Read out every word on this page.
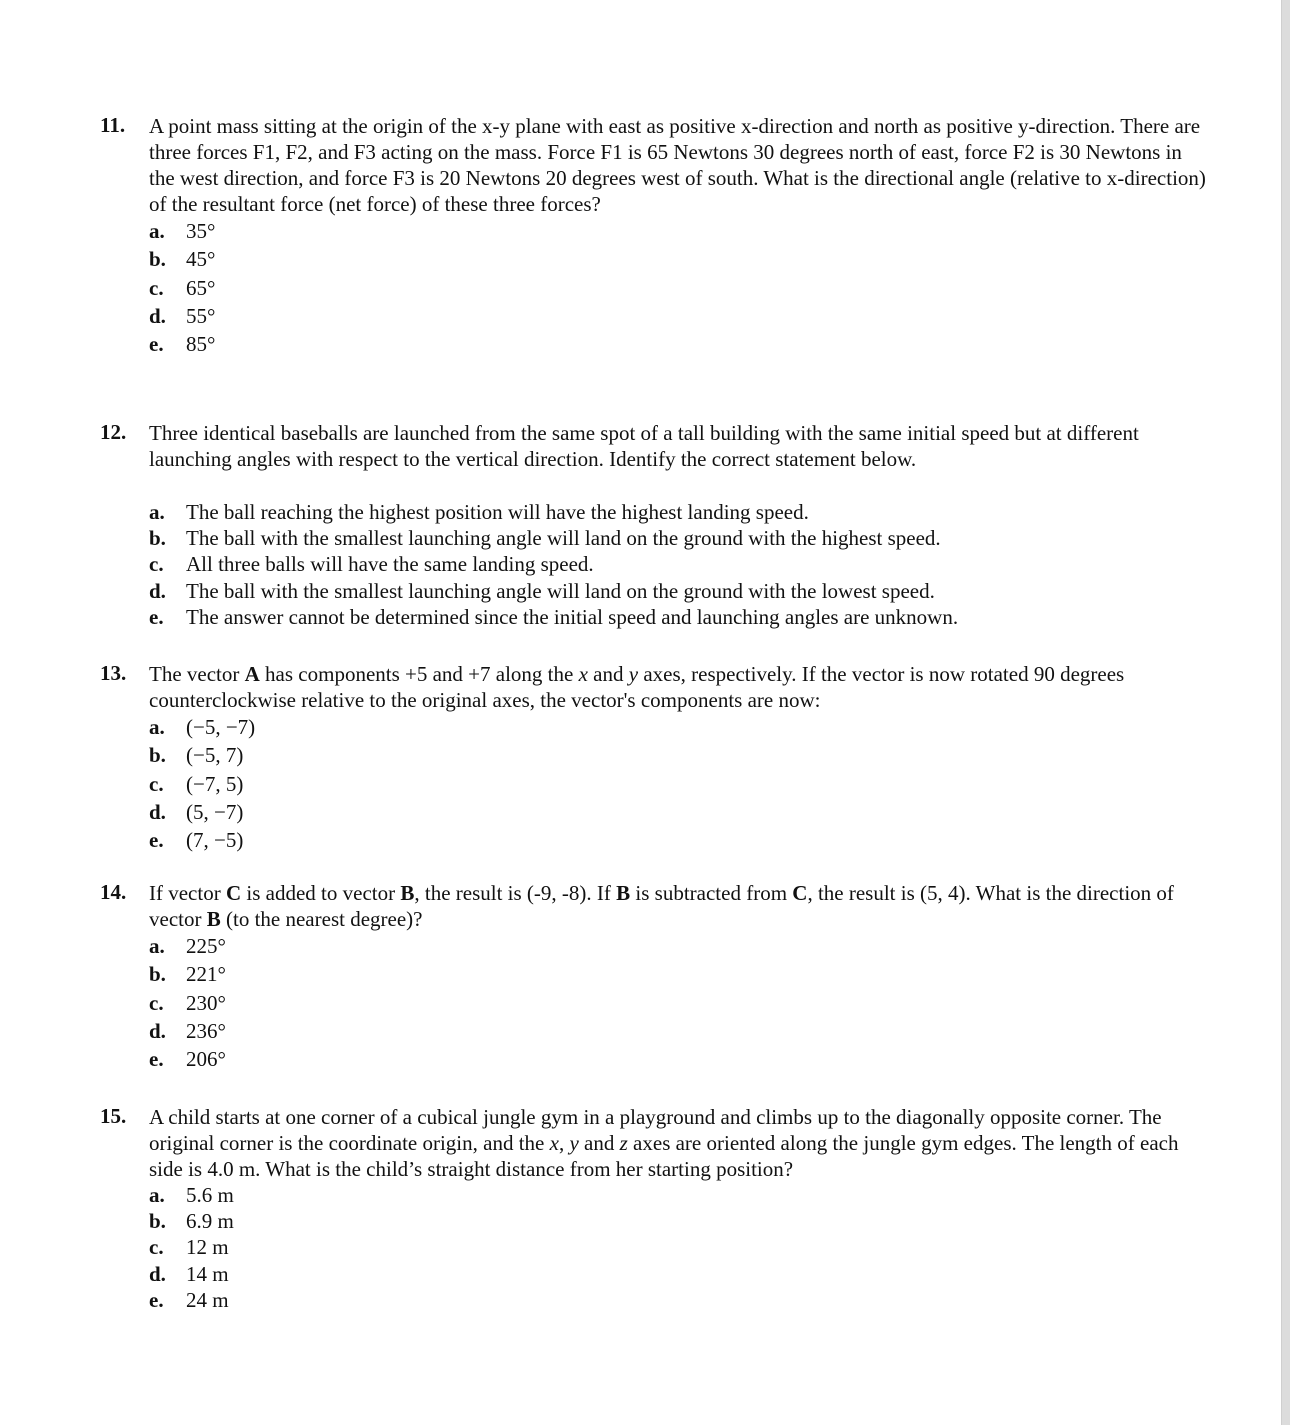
11. A point mass sitting at the origin of the x-y plane with east as positive x-direction and north as positive y-direction. There are three forces F1, F2, and F3 acting on the mass. Force F1 is 65 Newtons 30 degrees north of east, force F2 is 30 Newtons in the west direction, and force F3 is 20 Newtons 20 degrees west of south. What is the directional angle (relative to x-direction) of the resultant force (net force) of these three forces?
a.	35°
b. 45°
c.	65°
d. 55°
e.	85°
12. Three identical baseballs are launched from the same spot of a tall building with the same initial speed but at different launching angles with respect to the vertical direction. Identify the correct statement below.
a.	The ball reaching the highest position will have the highest landing speed.
b. The ball with the smallest launching angle will land on the ground with the highest speed.
c.	All three balls will have the same landing speed.
d. The ball with the smallest launching angle will land on the ground with the lowest speed.
e.	The answer cannot be determined since the initial speed and launching angles are unknown.
13. The vector A has components +5 and +7 along the x and y axes, respectively. If the vector is now rotated 90 degrees counterclockwise relative to the original axes, the vector's components are now:
a.	(−5, −7)
b. (−5, 7)
c.	(−7, 5)
d. (5, −7)
e.	(7, −5)
14. If vector C is added to vector B, the result is (-9, -8). If B is subtracted from C, the result is (5, 4). What is the direction of vector B (to the nearest degree)?
a.	225°
b. 221°
c.	230°
d. 236°
e.	206°
15. A child starts at one corner of a cubical jungle gym in a playground and climbs up to the diagonally opposite corner. The original corner is the coordinate origin, and the x, y and z axes are oriented along the jungle gym edges. The length of each side is 4.0 m. What is the child’s straight distance from her starting position?
a.	5.6 m
b. 6.9 m
c.	12 m
d. 14 m
e.	24 m
